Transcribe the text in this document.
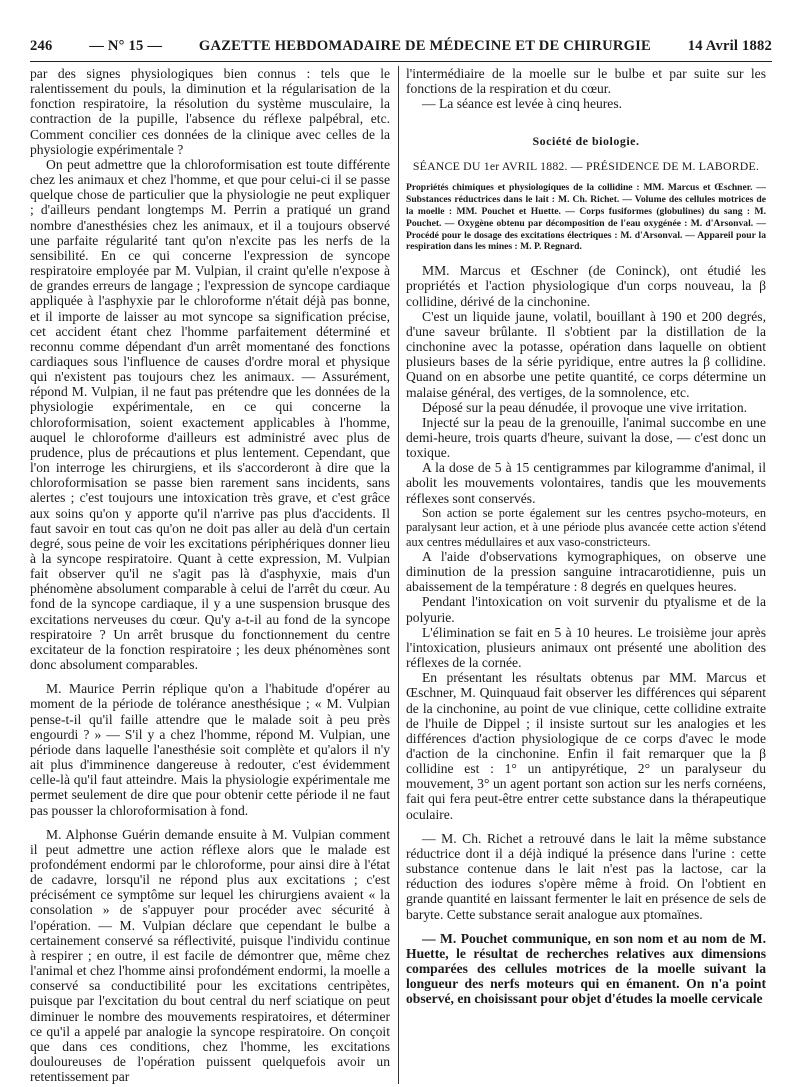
246	— N° 15 —	GAZETTE HEBDOMADAIRE DE MÉDECINE ET DE CHIRURGIE	14 Avril 1882

par des signes physiologiques bien connus : tels que le ralentissement du pouls, la diminution et la régularisation de la fonction respiratoire, la résolution du système musculaire, la contraction de la pupille, l'absence du réflexe palpébral, etc. Comment concilier ces données de la clinique avec celles de la physiologie expérimentale ?

On peut admettre que la chloroformisation est toute différente chez les animaux et chez l'homme, et que pour celui-ci il se passe quelque chose de particulier que la physiologie ne peut expliquer ; d'ailleurs pendant longtemps M. Perrin a pratiqué un grand nombre d'anesthésies chez les animaux, et il a toujours observé une parfaite régularité tant qu'on n'excite pas les nerfs de la sensibilité. En ce qui concerne l'expression de syncope respiratoire employée par M. Vulpian, il craint qu'elle n'expose à de grandes erreurs de langage ; l'expression de syncope cardiaque appliquée à l'asphyxie par le chloroforme n'était déjà pas bonne, et il importe de laisser au mot syncope sa signification précise, cet accident étant chez l'homme parfaitement déterminé et reconnu comme dépendant d'un arrêt momentané des fonctions cardiaques sous l'influence de causes d'ordre moral et physique qui n'existent pas toujours chez les animaux. — Assurément, répond M. Vulpian, il ne faut pas prétendre que les données de la physiologie expérimentale, en ce qui concerne la chloroformisation, soient exactement applicables à l'homme, auquel le chloroforme d'ailleurs est administré avec plus de prudence, plus de précautions et plus lentement. Cependant, que l'on interroge les chirurgiens, et ils s'accorderont à dire que la chloroformisation se passe bien rarement sans incidents, sans alertes ; c'est toujours une intoxication très grave, et c'est grâce aux soins qu'on y apporte qu'il n'arrive pas plus d'accidents. Il faut savoir en tout cas qu'on ne doit pas aller au delà d'un certain degré, sous peine de voir les excitations périphériques donner lieu à la syncope respiratoire. Quant à cette expression, M. Vulpian fait observer qu'il ne s'agit pas là d'asphyxie, mais d'un phénomène absolument comparable à celui de l'arrêt du cœur. Au fond de la syncope cardiaque, il y a une suspension brusque des excitations nerveuses du cœur. Qu'y a-t-il au fond de la syncope respiratoire ? Un arrêt brusque du fonctionnement du centre excitateur de la fonction respiratoire ; les deux phénomènes sont donc absolument comparables.

M. Maurice Perrin réplique qu'on a l'habitude d'opérer au moment de la période de tolérance anesthésique ; « M. Vulpian pense-t-il qu'il faille attendre que le malade soit à peu près engourdi ? » — S'il y a chez l'homme, répond M. Vulpian, une période dans laquelle l'anesthésie soit complète et qu'alors il n'y ait plus d'imminence dangereuse à redouter, c'est évidemment celle-là qu'il faut atteindre. Mais la physiologie expérimentale me permet seulement de dire que pour obtenir cette période il ne faut pas pousser la chloroformisation à fond.

M. Alphonse Guérin demande ensuite à M. Vulpian comment il peut admettre une action réflexe alors que le malade est profondément endormi par le chloroforme, pour ainsi dire à l'état de cadavre, lorsqu'il ne répond plus aux excitations ; c'est précisément ce symptôme sur lequel les chirurgiens avaient « la consolation » de s'appuyer pour procéder avec sécurité à l'opération. — M. Vulpian déclare que cependant le bulbe a certainement conservé sa réflectivité, puisque l'individu continue à respirer ; en outre, il est facile de démontrer que, même chez l'animal et chez l'homme ainsi profondément endormi, la moelle a conservé sa conductibilité pour les excitations centripètes, puisque par l'excitation du bout central du nerf sciatique on peut diminuer le nombre des mouvements respiratoires, et déterminer ce qu'il a appelé par analogie la syncope respiratoire. On conçoit que dans ces conditions, chez l'homme, les excitations douloureuses de l'opération puissent quelquefois avoir un retentissement par

l'intermédiaire de la moelle sur le bulbe et par suite sur les fonctions de la respiration et du cœur.

— La séance est levée à cinq heures.

Société de biologie.
SÉANCE DU 1er AVRIL 1882. — PRÉSIDENCE DE M. LABORDE.
Propriétés chimiques et physiologiques de la collidine : MM. Marcus et Œschner. — Substances réductrices dans le lait : M. Ch. Richet. — Volume des cellules motrices de la moelle : MM. Pouchet et Huette. — Corps fusiformes (globulines) du sang : M. Pouchet. — Oxygène obtenu par décomposition de l'eau oxygénée : M. d'Arsonval. — Procédé pour le dosage des excitations électriques : M. d'Arsonval. — Appareil pour la respiration dans les mines : M. P. Regnard.

MM. Marcus et Œschner (de Coninck), ont étudié les propriétés et l'action physiologique d'un corps nouveau, la β collidine, dérivé de la cinchonine.

C'est un liquide jaune, volatil, bouillant à 190 et 200 degrés, d'une saveur brûlante. Il s'obtient par la distillation de la cinchonine avec la potasse, opération dans laquelle on obtient plusieurs bases de la série pyridique, entre autres la β collidine. Quand on en absorbe une petite quantité, ce corps détermine un malaise général, des vertiges, de la somnolence, etc.

Déposé sur la peau dénudée, il provoque une vive irritation.

Injecté sur la peau de la grenouille, l'animal succombe en une demi-heure, trois quarts d'heure, suivant la dose, — c'est donc un toxique.

A la dose de 5 à 15 centigrammes par kilogramme d'animal, il abolit les mouvements volontaires, tandis que les mouvements réflexes sont conservés.

Son action se porte également sur les centres psycho-moteurs, en paralysant leur action, et à une période plus avancée cette action s'étend aux centres médullaires et aux vaso-constricteurs.

A l'aide d'observations kymographiques, on observe une diminution de la pression sanguine intracarotidienne, puis un abaissement de la température : 8 degrés en quelques heures.

Pendant l'intoxication on voit survenir du ptyalisme et de la polyurie.

L'élimination se fait en 5 à 10 heures. Le troisième jour après l'intoxication, plusieurs animaux ont présenté une abolition des réflexes de la cornée.

En présentant les résultats obtenus par MM. Marcus et Œschner, M. Quinquaud fait observer les différences qui séparent de la cinchonine, au point de vue clinique, cette collidine extraite de l'huile de Dippel ; il insiste surtout sur les analogies et les différences d'action physiologique de ce corps d'avec le mode d'action de la cinchonine. Enfin il fait remarquer que la β collidine est : 1° un antipyrétique, 2° un paralyseur du mouvement, 3° un agent portant son action sur les nerfs cornéens, fait qui fera peut-être entrer cette substance dans la thérapeutique oculaire.

— M. Ch. Richet a retrouvé dans le lait la même substance réductrice dont il a déjà indiqué la présence dans l'urine : cette substance contenue dans le lait n'est pas la lactose, car la réduction des iodures s'opère même à froid. On l'obtient en grande quantité en laissant fermenter le lait en présence de sels de baryte. Cette substance serait analogue aux ptomaïnes.

— M. Pouchet communique, en son nom et au nom de M. Huette, le résultat de recherches relatives aux dimensions comparées des cellules motrices de la moelle suivant la longueur des nerfs moteurs qui en émanent. On n'a point observé, en choisissant pour objet d'études la moelle cervicale
